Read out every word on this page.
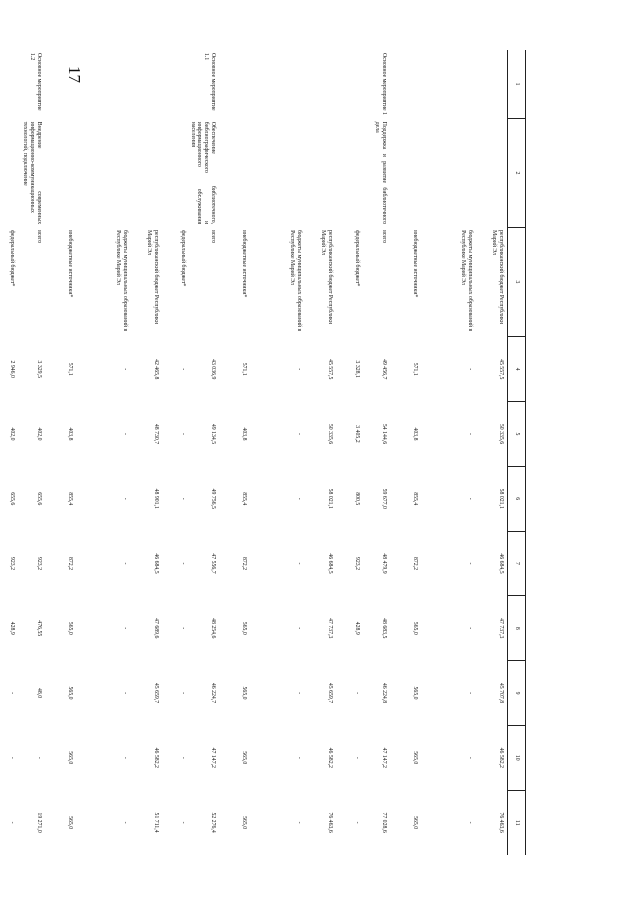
17
1	2	3	4	5	6	7	8	9	10	11
		республиканский бюджет Республики Марий Эл	45 557,5	50 335,6	58 021,1	46 684,5	47 737,3	45 707,8	46 582,2	76 463,6
		бюджеты муниципальных образований в Республике Марий Эл	-	-	-	-	-	-	-	-
		внебюджетные источники*	571,1	403,8	855,4	872,2	565,0	565,0	565,0	565,0
Основное мероприятие 1	Поддержка и развитие библиотечного дела	всего	49 456,7	54 144,6	59 677,0	48 479,9	48 683,5	46 224,8	47 147,2	77 028,6
		федеральный бюджет*	3 328,1	3 405,2	800,5	923,2	428,9	-	-	-
		республиканский бюджет Республики Марий Эл	45 557,5	50 335,6	58 021,1	46 684,5	47 737,3	45 659,7	46 582,2	76 463,6
		бюджеты муниципальных образований в Республике Марий Эл	-	-	-	-	-	-	-	-
		внебюджетные источники*	571,1	403,8	855,4	872,2	565,0	565,0	565,0	565,0
Основное мероприятие 1.1	Обеспечение библиотечного, библиографического и информационного обслуживания населения	всего	43 036,9	49 134,5	49 756,5	47 556,7	48 254,6	46 224,7	47 147,2	52 276,4
		федеральный бюджет*	-	-	-	-	-	-	-	-
		республиканский бюджет Республики Марий Эл	42 465,8	48 730,7	48 901,1	46 684,5	47 689,6	45 659,7	46 582,2	51 711,4
		бюджеты муниципальных образований в Республике Марий Эл	-	-	-	-	-	-	-	-
		внебюджетные источники*	571,1	403,8	855,4	872,2	565,0	565,0	565,0	565,0
Основное мероприятие 1.2	Внедрение современных информационно-коммуникационных технологий, подключение	всего	3 329,5	402,0	655,6	923,2	476,55	48,0	-	19 271,0
		федеральный бюджет*	2 946,0	402,0	655,6	923,2	428,9	-	-	-
